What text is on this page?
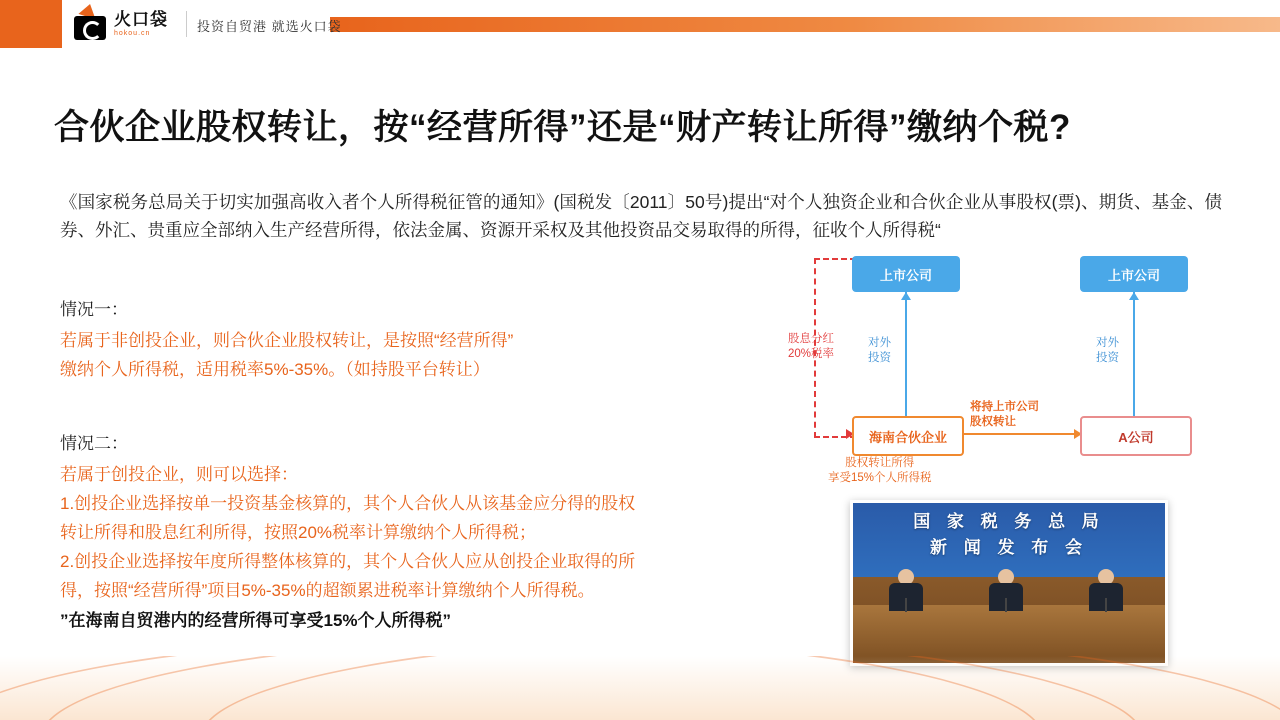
火口袋
hokou.cn	投资自贸港 就选火口袋
合伙企业股权转让，按“经营所得”还是“财产转让所得”缴纳个税?
《国家税务总局关于切实加强高收入者个人所得税征管的通知》(国税发〔2011〕50号)提出“对个人独资企业和合伙企业从事股权(票)、期货、基金、债券、外汇、贵重应全部纳入生产经营所得，依法金属、资源开采权及其他投资品交易取得的所得，征收个人所得税“
情况一：
若属于非创投企业，则合伙企业股权转让，是按照“经营所得”
缴纳个人所得税，适用税率5%-35%。（如持股平台转让）
情况二：
若属于创投企业，则可以选择：
1.创投企业选择按单一投资基金核算的，其个人合伙人从该基金应分得的股权
转让所得和股息红利所得，按照20%税率计算缴纳个人所得税；
2.创投企业选择按年度所得整体核算的，其个人合伙人应从创投企业取得的所
得，按照“经营所得”项目5%-35%的超额累进税率计算缴纳个人所得税。
”在海南自贸港内的经营所得可享受15%个人所得税”
上市公司	上市公司
海南合伙企业	A公司
股息分红
20%税率
对外
投资
对外
投资
将持上市公司
股权转让
股权转让所得
享受15%个人所得税
国 家 税 务 总 局
新 闻 发 布 会
